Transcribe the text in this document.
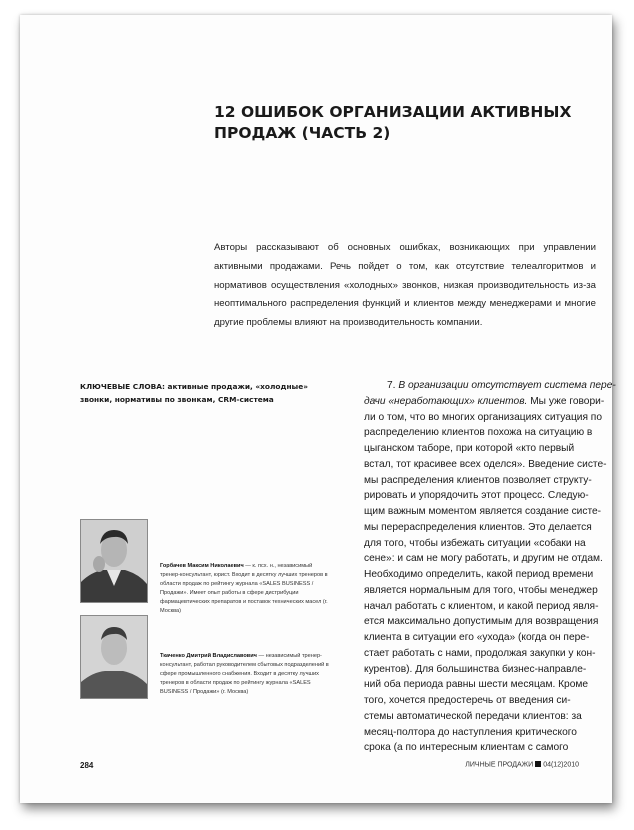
12 ОШИБОК ОРГАНИЗАЦИИ АКТИВНЫХ
ПРОДАЖ (ЧАСТЬ 2)
Авторы рассказывают об основных ошибках, возникающих при управлении активными продажами. Речь пойдет о том, как отсутствие телеалгоритмов и нормативов осуществления «холодных» звонков, низкая производительность из-за неоптимального распределения функций и клиентов между менеджерами и многие другие проблемы влияют на производительность компании.
КЛЮЧЕВЫЕ СЛОВА: активные продажи, «холодные» звонки, нормативы по звонкам, CRM-система

7. В организации отсутствует система пере-
дачи «неработающих» клиентов. Мы уже говори-
ли о том, что во многих организациях ситуация по
распределению клиентов похожа на ситуацию в
цыганском таборе, при которой «кто первый
встал, тот красивее всех оделся». Введение систе-
мы распределения клиентов позволяет структу-
рировать и упорядочить этот процесс. Следую-
щим важным моментом является создание систе-
мы перераспределения клиентов. Это делается
для того, чтобы избежать ситуации «собаки на
сене»: и сам не могу работать, и другим не отдам.
Необходимо определить, какой период времени
является нормальным для того, чтобы менеджер
начал работать с клиентом, и какой период явля-
ется максимально допустимым для возвращения
клиента в ситуации его «ухода» (когда он пере-
стает работать с нами, продолжая закупки у кон-
курентов). Для большинства бизнес-направле-
ний оба периода равны шести месяцам. Кроме
того, хочется предостеречь от введения си-
стемы автоматической передачи клиентов: за
месяц-полтора до наступления критического
срока (а по интересным клиентам с самого

Горбачев Максим Николаевич — к. псх. н., независимый тренер-консультант, юрист. Входит в десятку лучших тренеров в области продаж по рейтингу журнала «SALES BUSINESS / Продажи». Имеет опыт работы в сфере дистрибуции фармацевтических препаратов и поставок технических масел (г. Москва)
Ткаченко Дмитрий Владиславович — независимый тренер-консультант, работал руководителем сбытовых подразделений в сфере промышленного снабжения. Входит в десятку лучших тренеров в области продаж по рейтингу журнала «SALES BUSINESS / Продажи» (г. Москва)
284	ЛИЧНЫЕ ПРОДАЖИ 04(12)2010
